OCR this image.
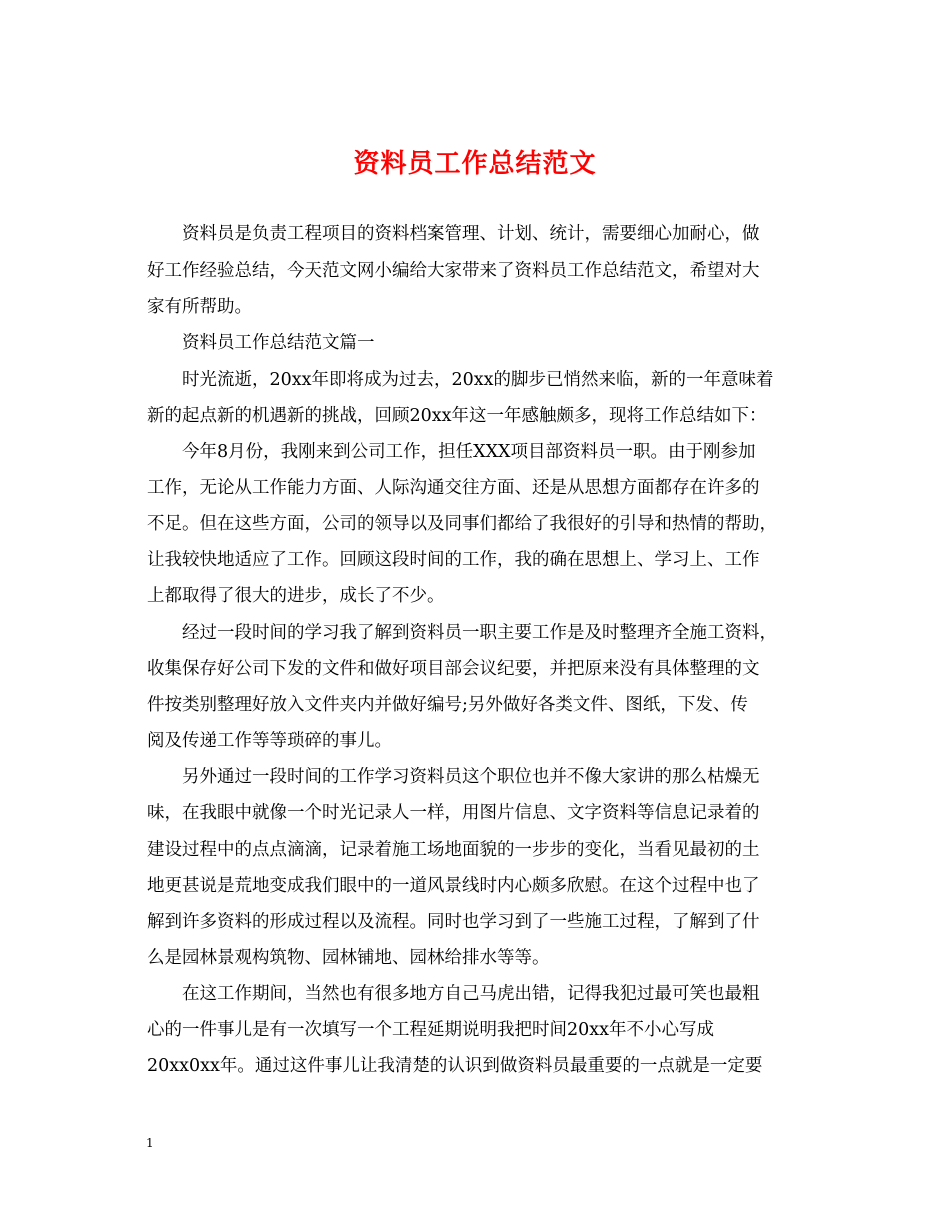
资料员工作总结范文
　　资料员是负责工程项目的资料档案管理、计划、统计，需要细心加耐心，做
好工作经验总结，今天范文网小编给大家带来了资料员工作总结范文，希望对大
家有所帮助。
　　资料员工作总结范文篇一
　　时光流逝，20xx年即将成为过去，20xx的脚步已悄然来临，新的一年意味着
新的起点新的机遇新的挑战，回顾20xx年这一年感触颇多，现将工作总结如下：
　　今年8月份，我刚来到公司工作，担任XXX项目部资料员一职。由于刚参加
工作，无论从工作能力方面、人际沟通交往方面、还是从思想方面都存在许多的
不足。但在这些方面，公司的领导以及同事们都给了我很好的引导和热情的帮助，
让我较快地适应了工作。回顾这段时间的工作，我的确在思想上、学习上、工作
上都取得了很大的进步，成长了不少。
　　经过一段时间的学习我了解到资料员一职主要工作是及时整理齐全施工资料，
收集保存好公司下发的文件和做好项目部会议纪要，并把原来没有具体整理的文
件按类别整理好放入文件夹内并做好编号;另外做好各类文件、图纸，下发、传
阅及传递工作等等琐碎的事儿。
　　另外通过一段时间的工作学习资料员这个职位也并不像大家讲的那么枯燥无
味，在我眼中就像一个时光记录人一样，用图片信息、文字资料等信息记录着的
建设过程中的点点滴滴，记录着施工场地面貌的一步步的变化，当看见最初的土
地更甚说是荒地变成我们眼中的一道风景线时内心颇多欣慰。在这个过程中也了
解到许多资料的形成过程以及流程。同时也学习到了一些施工过程，了解到了什
么是园林景观构筑物、园林铺地、园林给排水等等。
　　在这工作期间，当然也有很多地方自己马虎出错，记得我犯过最可笑也最粗
心的一件事儿是有一次填写一个工程延期说明我把时间20xx年不小心写成
20xx0xx年。通过这件事儿让我清楚的认识到做资料员最重要的一点就是一定要
1
